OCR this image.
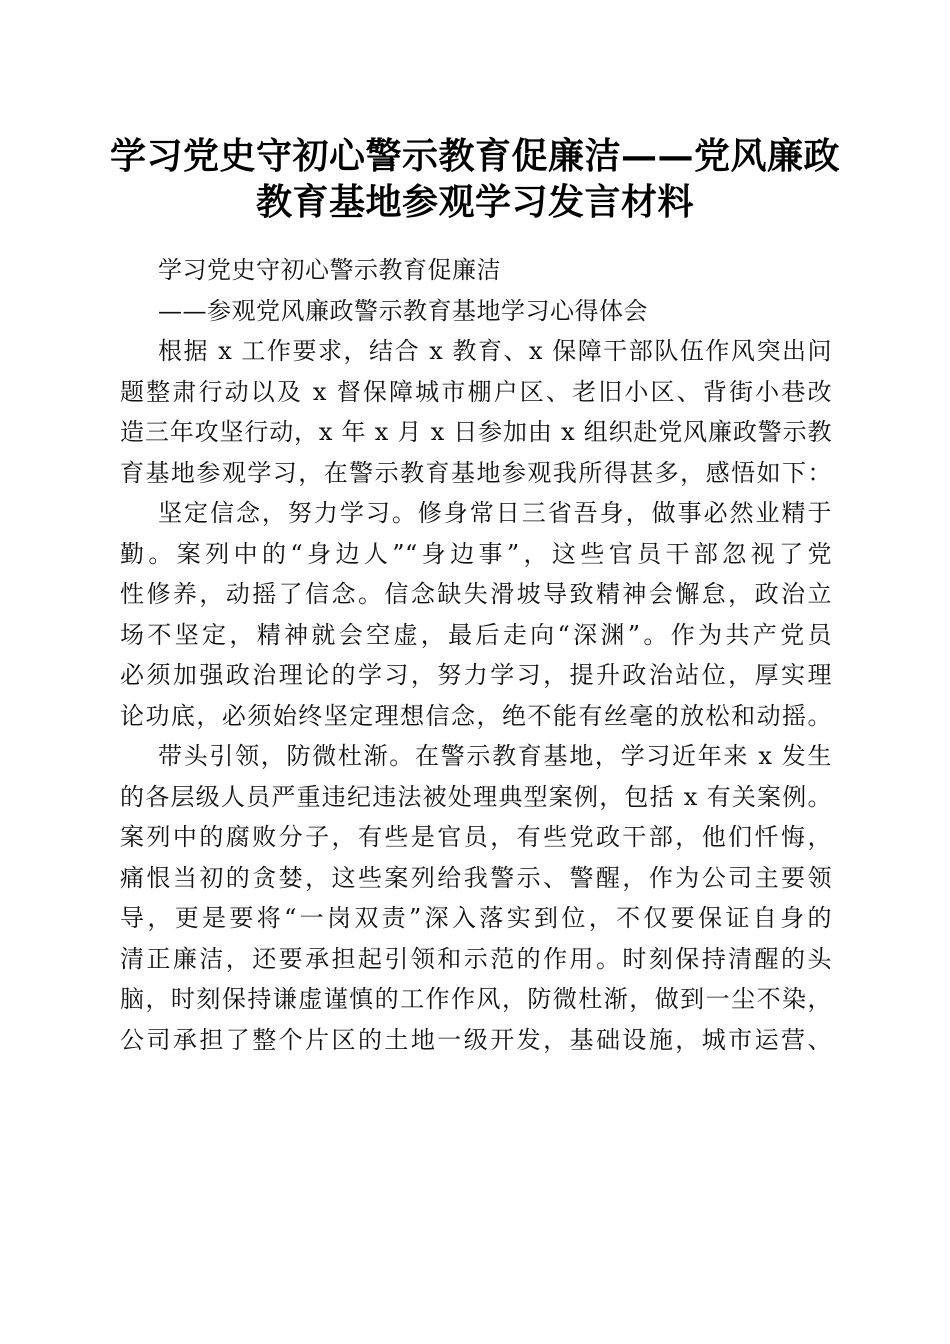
学习党史守初心警示教育促廉洁——党风廉政
教育基地参观学习发言材料
学习党史守初心警示教育促廉洁
——参观党风廉政警示教育基地学习心得体会
根据 x 工作要求，结合 x 教育、x 保障干部队伍作风突出问
题整肃行动以及 x 督保障城市棚户区、老旧小区、背街小巷改
造三年攻坚行动，x 年 x 月 x 日参加由 x 组织赴党风廉政警示教
育基地参观学习，在警示教育基地参观我所得甚多，感悟如下：
坚定信念，努力学习。修身常日三省吾身，做事必然业精于
勤。案列中的“身边人”“身边事”，这些官员干部忽视了党
性修养，动摇了信念。信念缺失滑坡导致精神会懈怠，政治立
场不坚定，精神就会空虚，最后走向“深渊”。作为共产党员
必须加强政治理论的学习，努力学习，提升政治站位，厚实理
论功底，必须始终坚定理想信念，绝不能有丝毫的放松和动摇。
带头引领，防微杜渐。在警示教育基地，学习近年来 x 发生
的各层级人员严重违纪违法被处理典型案例，包括 x 有关案例。
案列中的腐败分子，有些是官员，有些党政干部，他们忏悔，
痛恨当初的贪婪，这些案列给我警示、警醒，作为公司主要领
导，更是要将“一岗双责”深入落实到位，不仅要保证自身的
清正廉洁，还要承担起引领和示范的作用。时刻保持清醒的头
脑，时刻保持谦虚谨慎的工作作风，防微杜渐，做到一尘不染，
公司承担了整个片区的土地一级开发，基础设施，城市运营、
